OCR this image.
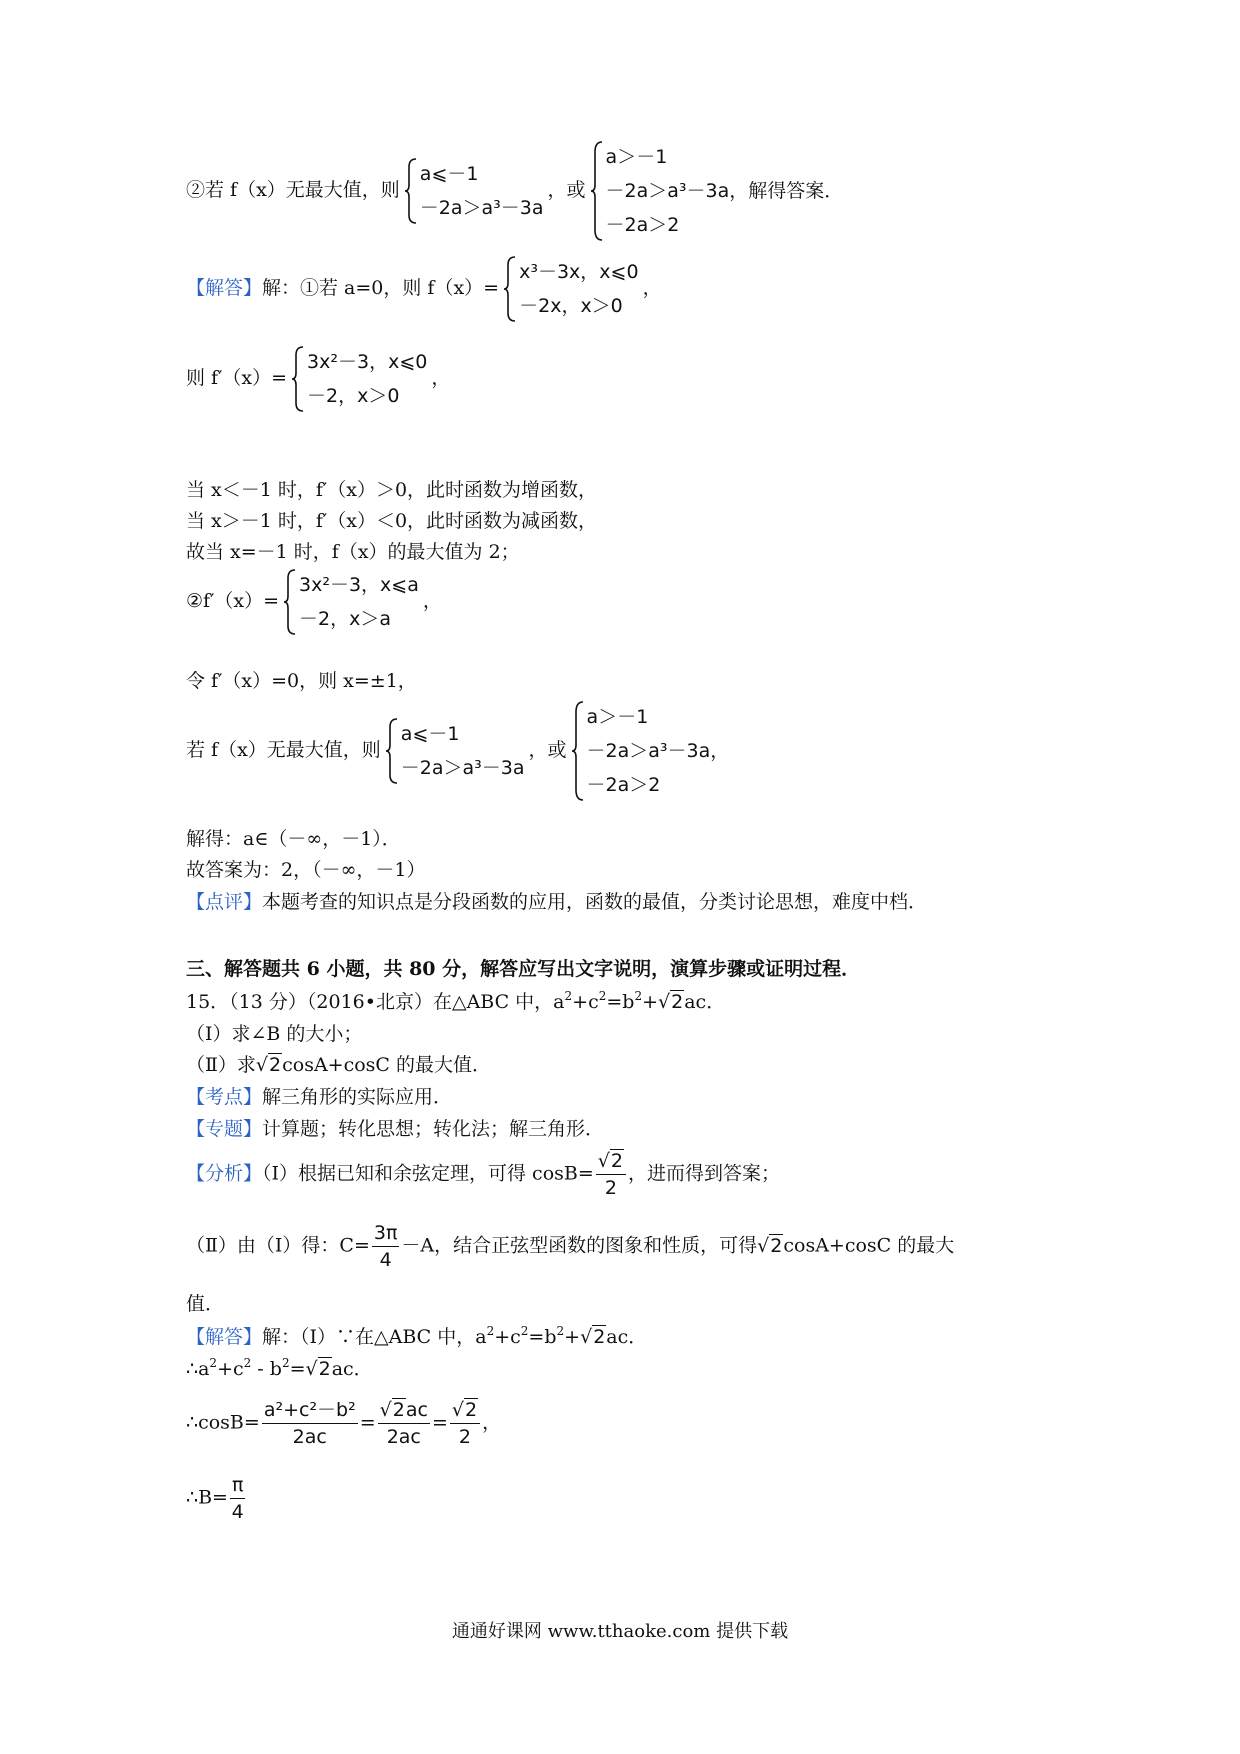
②若 f（x）无最大值，则
a⩽－1
－2a＞a³－3a
，或
a＞－1
－2a＞a³－3a，解得答案．
－2a＞2
【解答】解：①若 a=0，则 f（x）=
x³－3x，x⩽0
－2x，x＞0
，
则 f′（x）=
3x²－3，x⩽0
－2，x＞0
，
当 x＜－1 时，f′（x）＞0，此时函数为增函数，
当 x＞－1 时，f′（x）＜0，此时函数为减函数，
故当 x=－1 时，f（x）的最大值为 2；
②f′（x）=
3x²－3，x⩽a
－2，x＞a
，
令 f′（x）=0，则 x=±1，
若 f（x）无最大值，则
a⩽－1
－2a＞a³－3a
，或
a＞－1
－2a＞a³－3a，
－2a＞2
解得：a∈（－∞，－1）．
故答案为：2，（－∞，－1）
【点评】本题考查的知识点是分段函数的应用，函数的最值，分类讨论思想，难度中档．
三、解答题共 6 小题，共 80 分，解答应写出文字说明，演算步骤或证明过程．
15．（13 分）（2016•北京）在△ABC 中，$a^2+c^2=b^2+√2ac$．
（Ⅰ）求∠B 的大小；
（Ⅱ）求√2cosA+cosC 的最大值．
【考点】解三角形的实际应用．
【专题】计算题；转化思想；转化法；解三角形．
【分析】（Ⅰ）根据已知和余弦定理，可得 $\cos B= \frac{√2}{2}$ ，进而得到答案；
（Ⅱ）由（Ⅰ）得：$C= \frac{3\pi}{4} -A$，结合正弦型函数的图象和性质，可得√2cosA+cosC 的最大
值．
【解答】解：（Ⅰ）∵在△ABC 中，$a^2+c^2=b^2+√2ac$．
$\therefore a^2+c^2 - b^2=√2ac$．
∴cosB= $\frac{\text{a²+c²－b²}}{2ac} = \frac{√2ac}{2ac} = \frac{√2}{2}$ ，
∴B= $\frac{\pi}{4}$
通通好课网 www.tthaoke.com 提供下载
